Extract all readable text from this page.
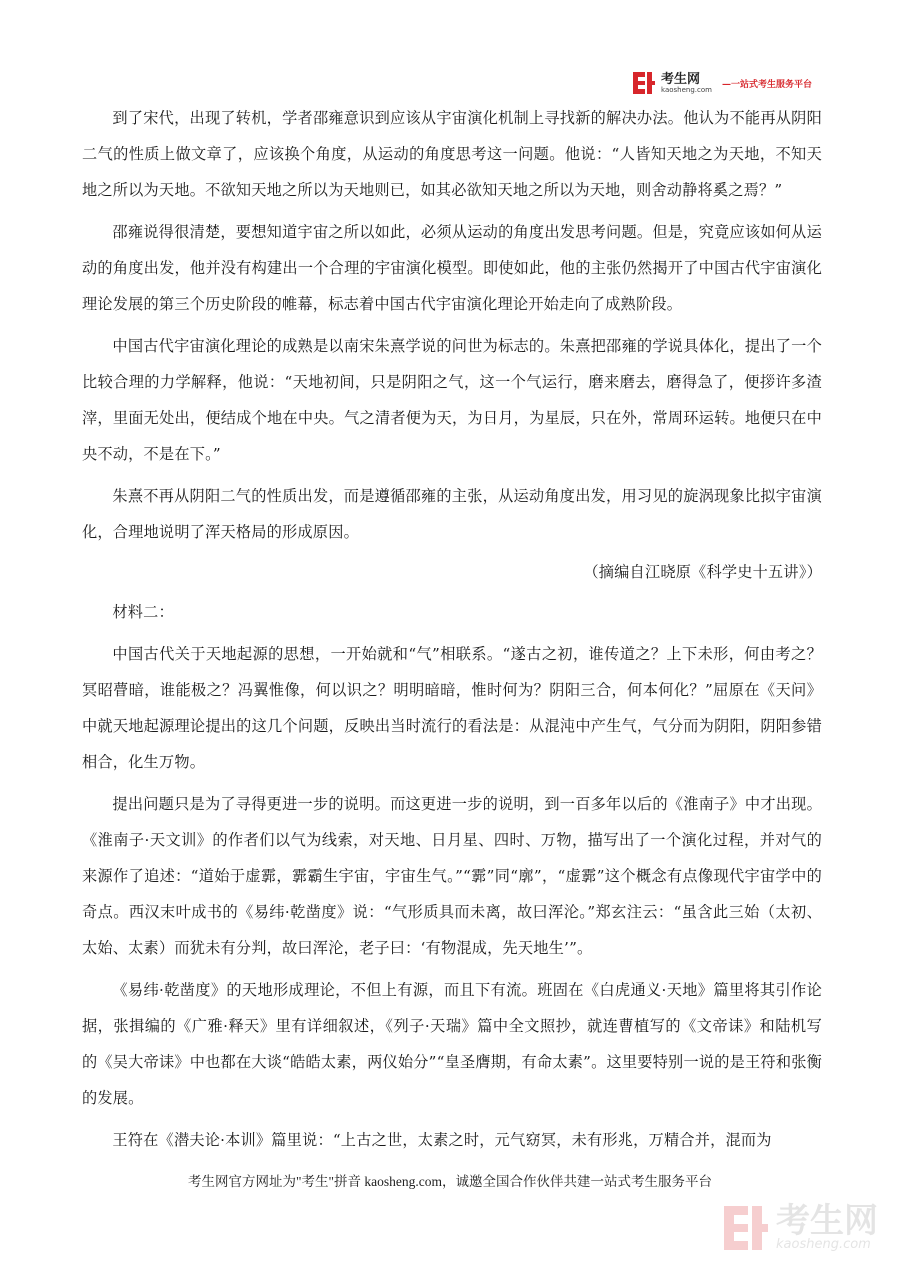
考生网
kaosheng.com —一站式考生服务平台

到了宋代，出现了转机，学者邵雍意识到应该从宇宙演化机制上寻找新的解决办法。他认为不能再从阴阳二气的性质上做文章了，应该换个角度，从运动的角度思考这一问题。他说：“人皆知天地之为天地，不知天地之所以为天地。不欲知天地之所以为天地则已，如其必欲知天地之所以为天地，则舍动静将奚之焉？”

邵雍说得很清楚，要想知道宇宙之所以如此，必须从运动的角度出发思考问题。但是，究竟应该如何从运动的角度出发，他并没有构建出一个合理的宇宙演化模型。即使如此，他的主张仍然揭开了中国古代宇宙演化理论发展的第三个历史阶段的帷幕，标志着中国古代宇宙演化理论开始走向了成熟阶段。

中国古代宇宙演化理论的成熟是以南宋朱熹学说的问世为标志的。朱熹把邵雍的学说具体化，提出了一个比较合理的力学解释，他说：“天地初间，只是阴阳之气，这一个气运行，磨来磨去，磨得急了，便拶许多渣滓，里面无处出，便结成个地在中央。气之清者便为天，为日月，为星辰，只在外，常周环运转。地便只在中央不动，不是在下。”

朱熹不再从阴阳二气的性质出发，而是遵循邵雍的主张，从运动角度出发，用习见的旋涡现象比拟宇宙演化，合理地说明了浑天格局的形成原因。

（摘编自江晓原《科学史十五讲》）

材料二：

中国古代关于天地起源的思想，一开始就和“气”相联系。“遂古之初，谁传道之？上下未形，何由考之？冥昭瞢暗，谁能极之？冯翼惟像，何以识之？明明暗暗，惟时何为？阴阳三合，何本何化？”屈原在《天问》中就天地起源理论提出的这几个问题，反映出当时流行的看法是：从混沌中产生气，气分而为阴阳，阴阳参错相合，化生万物。

提出问题只是为了寻得更进一步的说明。而这更进一步的说明，到一百多年以后的《淮南子》中才出现。《淮南子·天文训》的作者们以气为线索，对天地、日月星、四时、万物，描写出了一个演化过程，并对气的来源作了追述：“道始于虚霩，霩霸生宇宙，宇宙生气。”“霩”同“廓”，“虚霩”这个概念有点像现代宇宙学中的奇点。西汉末叶成书的《易纬·乾凿度》说：“气形质具而未离，故曰浑沦。”郑玄注云：“虽含此三始（太初、太始、太素）而犹未有分判，故曰浑沦，老子曰：‘有物混成，先天地生’”。

《易纬·乾凿度》的天地形成理论，不但上有源，而且下有流。班固在《白虎通义·天地》篇里将其引作论据，张揖编的《广雅·释天》里有详细叙述，《列子·天瑞》篇中全文照抄，就连曹植写的《文帝诔》和陆机写的《吴大帝诔》中也都在大谈“皓皓太素，两仪始分”“皇圣膺期，有命太素”。这里要特别一说的是王符和张衡的发展。

王符在《潜夫论·本训》篇里说：“上古之世，太素之时，元气窈冥，未有形兆，万精合并，混而为

考生网官方网址为"考生"拼音 kaosheng.com，诚邀全国合作伙伴共建一站式考生服务平台
考生网
kaosheng.com
